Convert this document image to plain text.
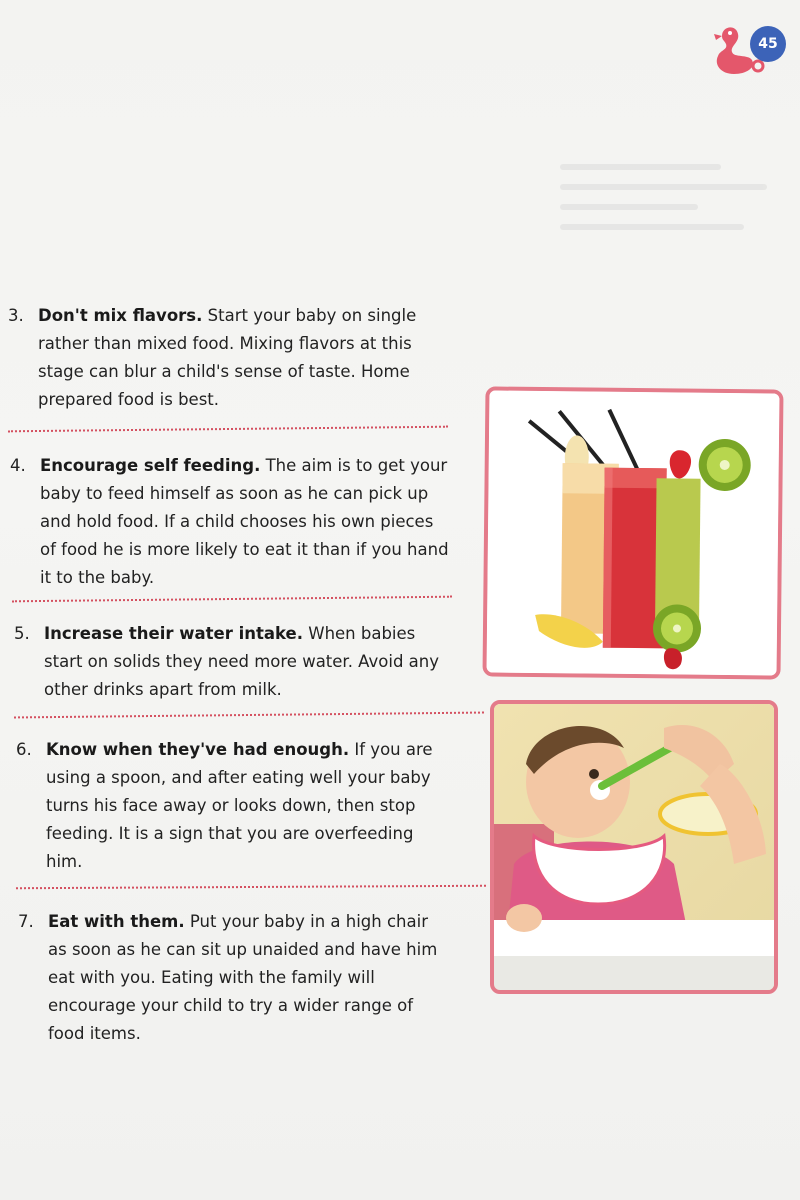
45
3. Don't mix flavors. Start your baby on single rather than mixed food. Mixing flavors at this stage can blur a child's sense of taste. Home prepared food is best.
4. Encourage self feeding. The aim is to get your baby to feed himself as soon as he can pick up and hold food. If a child chooses his own pieces of food he is more likely to eat it than if you hand it to the baby.
5. Increase their water intake. When babies start on solids they need more water. Avoid any other drinks apart from milk.
6. Know when they've had enough. If you are using a spoon, and after eating well your baby turns his face away or looks down, then stop feeding. It is a sign that you are overfeeding him.
7. Eat with them. Put your baby in a high chair as soon as he can sit up unaided and have him eat with you. Eating with the family will encourage your child to try a wider range of food items.
